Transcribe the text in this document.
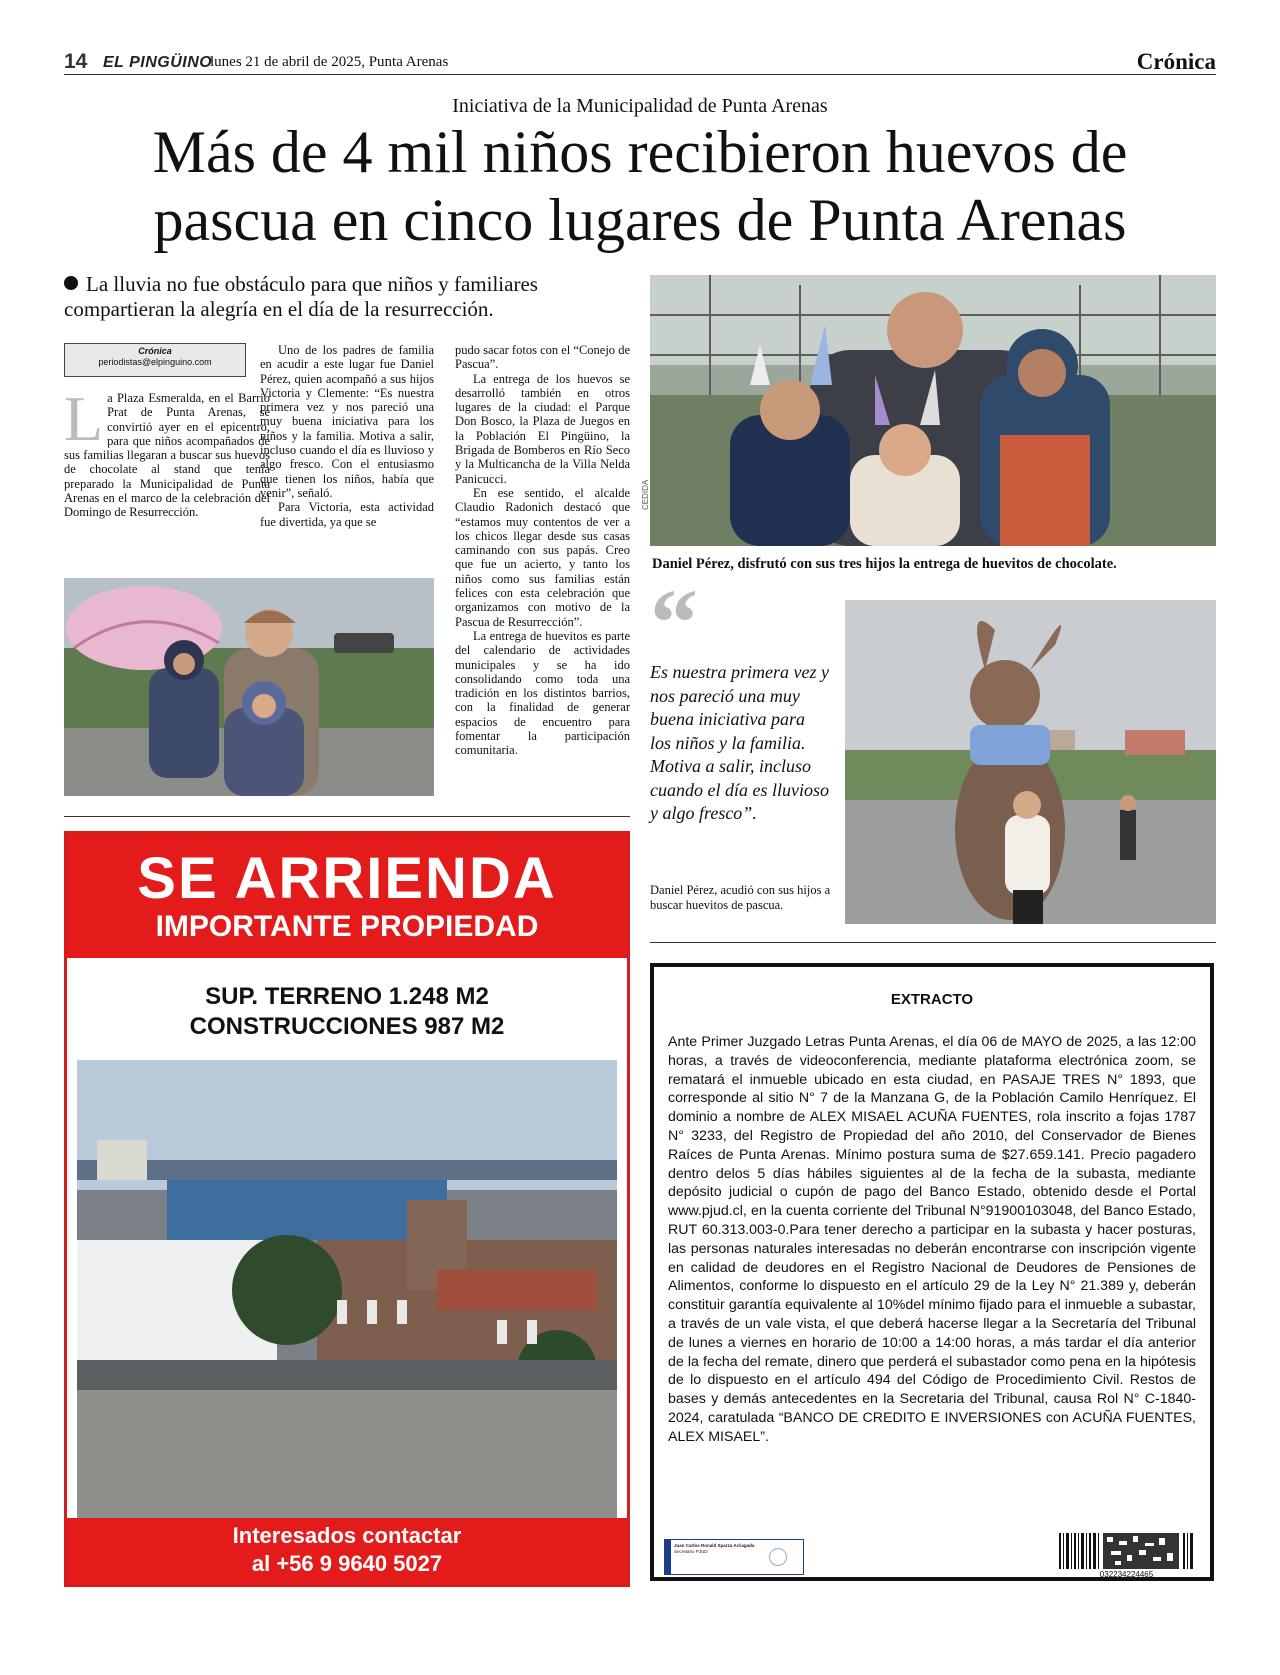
14 EL PINGÜINO
lunes 21 de abril de 2025, Punta Arenas	Crónica
Iniciativa de la Municipalidad de Punta Arenas
Más de 4 mil niños recibieron huevos de pascua en cinco lugares de Punta Arenas
La lluvia no fue obstáculo para que niños y familiares compartieran la alegría en el día de la resurrección.
Crónica
periodistas@elpinguino.com
L a Plaza Esmeralda, en el Barrio Prat de Punta Arenas, se convirtió ayer en el epicentro, para que niños acompañados de sus familias llegaran a buscar sus huevos de chocolate al stand que tenía preparado la Municipalidad de Punta Arenas en el marco de la celebración del Domingo de Resurrección.

Uno de los padres de familia en acudir a este lugar fue Daniel Pérez, quien acompañó a sus hijos Victoria y Clemente: “Es nuestra primera vez y nos pareció una muy buena iniciativa para los niños y la familia. Motiva a salir, incluso cuando el día es lluvioso y algo fresco. Con el entusiasmo que tienen los niños, había que venir”, señaló.

Para Victoria, esta actividad fue divertida, ya que se

pudo sacar fotos con el “Conejo de Pascua”.

La entrega de los huevos se desarrolló también en otros lugares de la ciudad: el Parque Don Bosco, la Plaza de Juegos en la Población El Pingüino, la Brigada de Bomberos en Río Seco y la Multicancha de la Villa Nelda Panicucci.

En ese sentido, el alcalde Claudio Radonich destacó que “estamos muy contentos de ver a los chicos llegar desde sus casas caminando con sus papás. Creo que fue un acierto, y tanto los niños como sus familias están felices con esta celebración que organizamos con motivo de la Pascua de Resurrección”.

La entrega de huevitos es parte del calendario de actividades municipales y se ha ido consolidando como toda una tradición en los distintos barrios, con la finalidad de generar espacios de encuentro para fomentar la participación comunitaria.

CEDIDA
Daniel Pérez, disfrutó con sus tres hijos la entrega de huevitos de chocolate.
“
Es nuestra primera vez y nos pareció una muy buena iniciativa para los niños y la familia. Motiva a salir, incluso cuando el día es lluvioso y algo fresco”.
Daniel Pérez, acudió con sus hijos a buscar huevitos de pascua.
SE ARRIENDA
IMPORTANTE PROPIEDAD
SUP. TERRENO 1.248 M2
CONSTRUCCIONES 987 M2
Interesados contactar
al +56 9 9640 5027
EXTRACTO
Ante Primer Juzgado Letras Punta Arenas, el día 06 de MAYO de 2025, a las 12:00 horas, a través de videoconferencia, mediante plataforma electrónica zoom, se rematará el inmueble ubicado en esta ciudad, en PASAJE TRES N° 1893, que corresponde al sitio N° 7 de la Manzana G, de la Población Camilo Henríquez. El dominio a nombre de ALEX MISAEL ACUÑA FUENTES, rola inscrito a fojas 1787 N° 3233, del Registro de Propiedad del año 2010, del Conservador de Bienes Raíces de Punta Arenas. Mínimo postura suma de $27.659.141. Precio pagadero dentro delos 5 días hábiles siguientes al de la fecha de la subasta, mediante depósito judicial o cupón de pago del Banco Estado, obtenido desde el Portal www.pjud.cl, en la cuenta corriente del Tribunal N°91900103048, del Banco Estado, RUT 60.313.003-0.Para tener derecho a participar en la subasta y hacer posturas, las personas naturales interesadas no deberán encontrarse con inscripción vigente en calidad de deudores en el Registro Nacional de Deudores de Pensiones de Alimentos, conforme lo dispuesto en el artículo 29 de la Ley N° 21.389 y, deberán constituir garantía equivalente al 10%del mínimo fijado para el inmueble a subastar, a través de un vale vista, el que deberá hacerse llegar a la Secretaría del Tribunal de lunes a viernes en horario de 10:00 a 14:00 horas, a más tardar el día anterior de la fecha del remate, dinero que perderá el subastador como pena en la hipótesis de lo dispuesto en el artículo 494 del Código de Procedimiento Civil. Restos de bases y demás antecedentes en la Secretaria del Tribunal, causa Rol N° C-1840-2024, caratulada “BANCO DE CREDITO E INVERSIONES con ACUÑA FUENTES, ALEX MISAEL”.
Juan Carlos Ronald Sparza Arriagada
Secretario PJUD
032234224465
